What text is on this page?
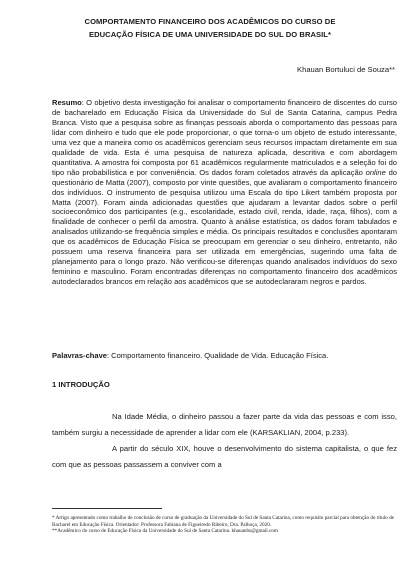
COMPORTAMENTO FINANCEIRO DOS ACADÊMICOS DO CURSO DE
EDUCAÇÃO FÍSICA DE UMA UNIVERSIDADE DO SUL DO BRASIL*
Khauan Bortuluci de Souza**
Resumo: O objetivo desta investigação foi analisar o comportamento financeiro de discentes do curso de bacharelado em Educação Física da Universidade do Sul de Santa Catarina, campus Pedra Branca. Visto que a pesquisa sobre as finanças pessoais aborda o comportamento das pessoas para lidar com dinheiro e tudo que ele pode proporcionar, o que torna-o um objeto de estudo interessante, uma vez que a maneira como os acadêmicos gerenciam seus recursos impactam diretamente em sua qualidade de vida. Esta é uma pesquisa de natureza aplicada, descritiva e com abordagem quantitativa. A amostra foi composta por 61 acadêmicos regularmente matriculados e a seleção foi do tipo não probabilística e por conveniência. Os dados foram coletados através da aplicação online do questionário de Matta (2007), composto por vinte questões, que avaliaram o comportamento financeiro dos indivíduos. O instrumento de pesquisa utilizou uma Escala do tipo Likert também proposta por Matta (2007). Foram ainda adicionadas questões que ajudaram a levantar dados sobre o perfil socioeconômico dos participantes (e.g., escolaridade, estado civil, renda, idade, raça, filhos), com a finalidade de conhecer o perfil da amostra. Quanto à análise estatística, os dados foram tabulados e analisados utilizando-se frequência simples e média. Os principais resultados e conclusões apontaram que os acadêmicos de Educação Física se preocupam em gerenciar o seu dinheiro, entretanto, não possuem uma reserva financeira para ser utilizada em emergências, sugerindo uma falta de planejamento para o longo prazo. Não verificou-se diferenças quando analisados indivíduos do sexo feminino e masculino. Foram encontradas diferenças no comportamento financeiro dos acadêmicos autodeclarados brancos em relação aos acadêmicos que se autodeclararam negros e pardos.
Palavras-chave: Comportamento financeiro. Qualidade de Vida. Educação Física.
1 INTRODUÇÃO

Na Idade Média, o dinheiro passou a fazer parte da vida das pessoas e com isso, também surgiu a necessidade de aprender a lidar com ele (KARSAKLIAN, 2004, p.233).

A partir do século XIX, houve o desenvolvimento do sistema capitalista, o que fez com que as pessoas passassem a conviver com a

* Artigo apresentado como trabalho de conclusão de curso de graduação da Universidade do Sul de Santa Catarina, como requisito parcial para obtenção do título de Bacharel em Educação Física. Orientador: Professora Fabiana de Figueiredo Ribeiro, Dra. Palhoça, 2020.

**Acadêmico do curso de Educação Física da Universidade do Sul de Santa Catarina. khauanbs@gmail.com
